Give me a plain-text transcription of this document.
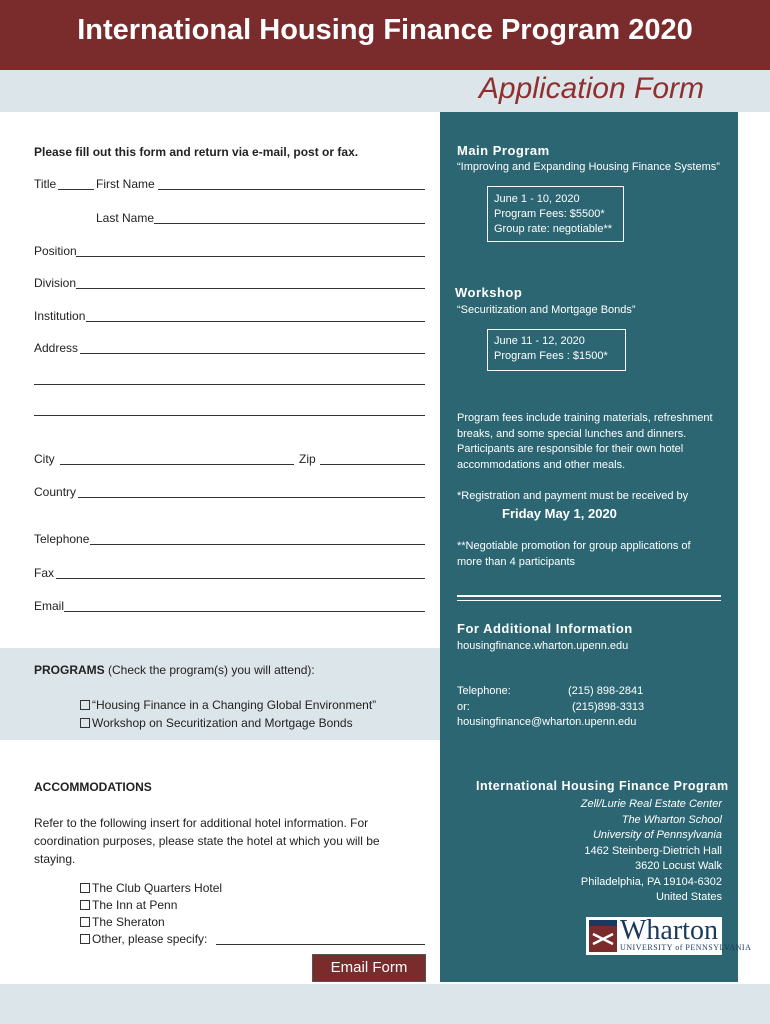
International Housing Finance Program 2020
Application Form
Please fill out this form and return via e-mail, post or fax.
Title	First Name
Last Name
Position
Division
Institution
Address
City	Zip
Country
Telephone
Fax
Email
PROGRAMS (Check the program(s) you will attend):
“Housing Finance in a Changing Global Environment”
Workshop on Securitization and Mortgage Bonds
ACCOMMODATIONS
Refer to the following insert for additional hotel information. For
coordination purposes, please state the hotel at which you will be
staying.
The Club Quarters Hotel
The Inn at Penn
The Sheraton
Other, please specify:
Email Form
Main Program
“Improving and Expanding Housing Finance Systems”
June 1 - 10, 2020
Program Fees: $5500*
Group rate: negotiable**
Workshop
“Securitization and Mortgage Bonds”
June 11 - 12, 2020
Program Fees : $1500*
Program fees include training materials, refreshment
breaks, and some special lunches and dinners.
Participants are responsible for their own hotel
accommodations and other meals.
*Registration and payment must be received by
Friday May 1, 2020
**Negotiable promotion for group applications of
more than 4 participants
For Additional Information
housingfinance.wharton.upenn.edu
Telephone:	(215) 898-2841
or:	(215)898-3313
housingfinance@wharton.upenn.edu
International Housing Finance Program
Zell/Lurie Real Estate Center
The Wharton School
University of Pennsylvania
1462 Steinberg-Dietrich Hall
3620 Locust Walk
Philadelphia, PA 19104-6302
United States
Wharton
UNIVERSITY of PENNSYLVANIA
